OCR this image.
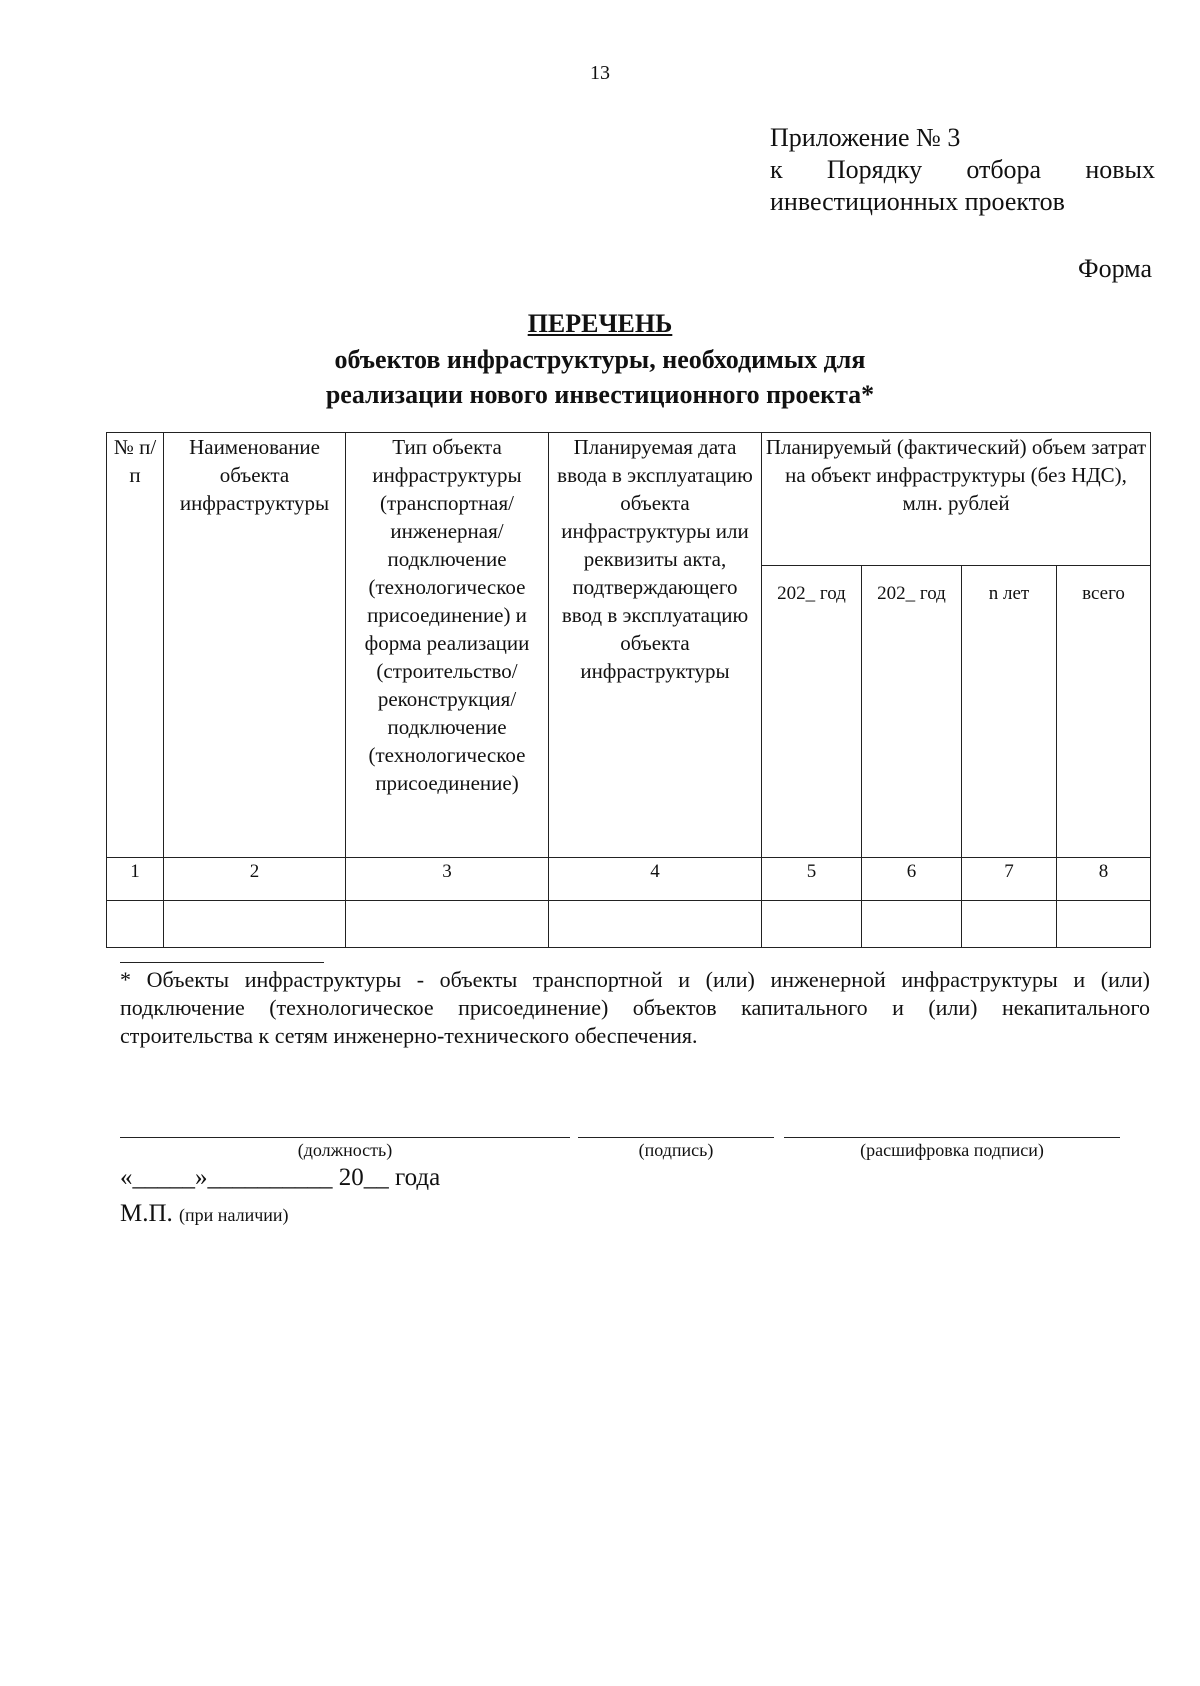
13
Приложение № 3
к Порядку отбора новых
инвестиционных проектов
Форма
ПЕРЕЧЕНЬ
объектов инфраструктуры, необходимых для
реализации нового инвестиционного проекта*
№ п/п	Наименование объекта инфраструктуры	Тип объекта инфраструктуры (транспортная/ инженерная/ подключение (технологическое присоединение) и форма реализации (строительство/ реконструкция/ подключение (технологическое присоединение)	Планируемая дата ввода в эксплуатацию объекта инфраструктуры или реквизиты акта, подтверждающего ввод в эксплуатацию объекта инфраструктуры	Планируемый (фактический) объем затрат на объект инфраструктуры (без НДС), млн. рублей			
				202_ год	202_ год	n лет	всего
1	2	3	4	5	6	7	8

* Объекты инфраструктуры - объекты транспортной и (или) инженерной инфраструктуры и (или) подключение (технологическое присоединение) объектов капитального и (или) некапитального строительства к сетям инженерно-технического обеспечения.
(должность)	(подпись)	(расшифровка подписи)
«_____»__________ 20__ года
М.П. (при наличии)
